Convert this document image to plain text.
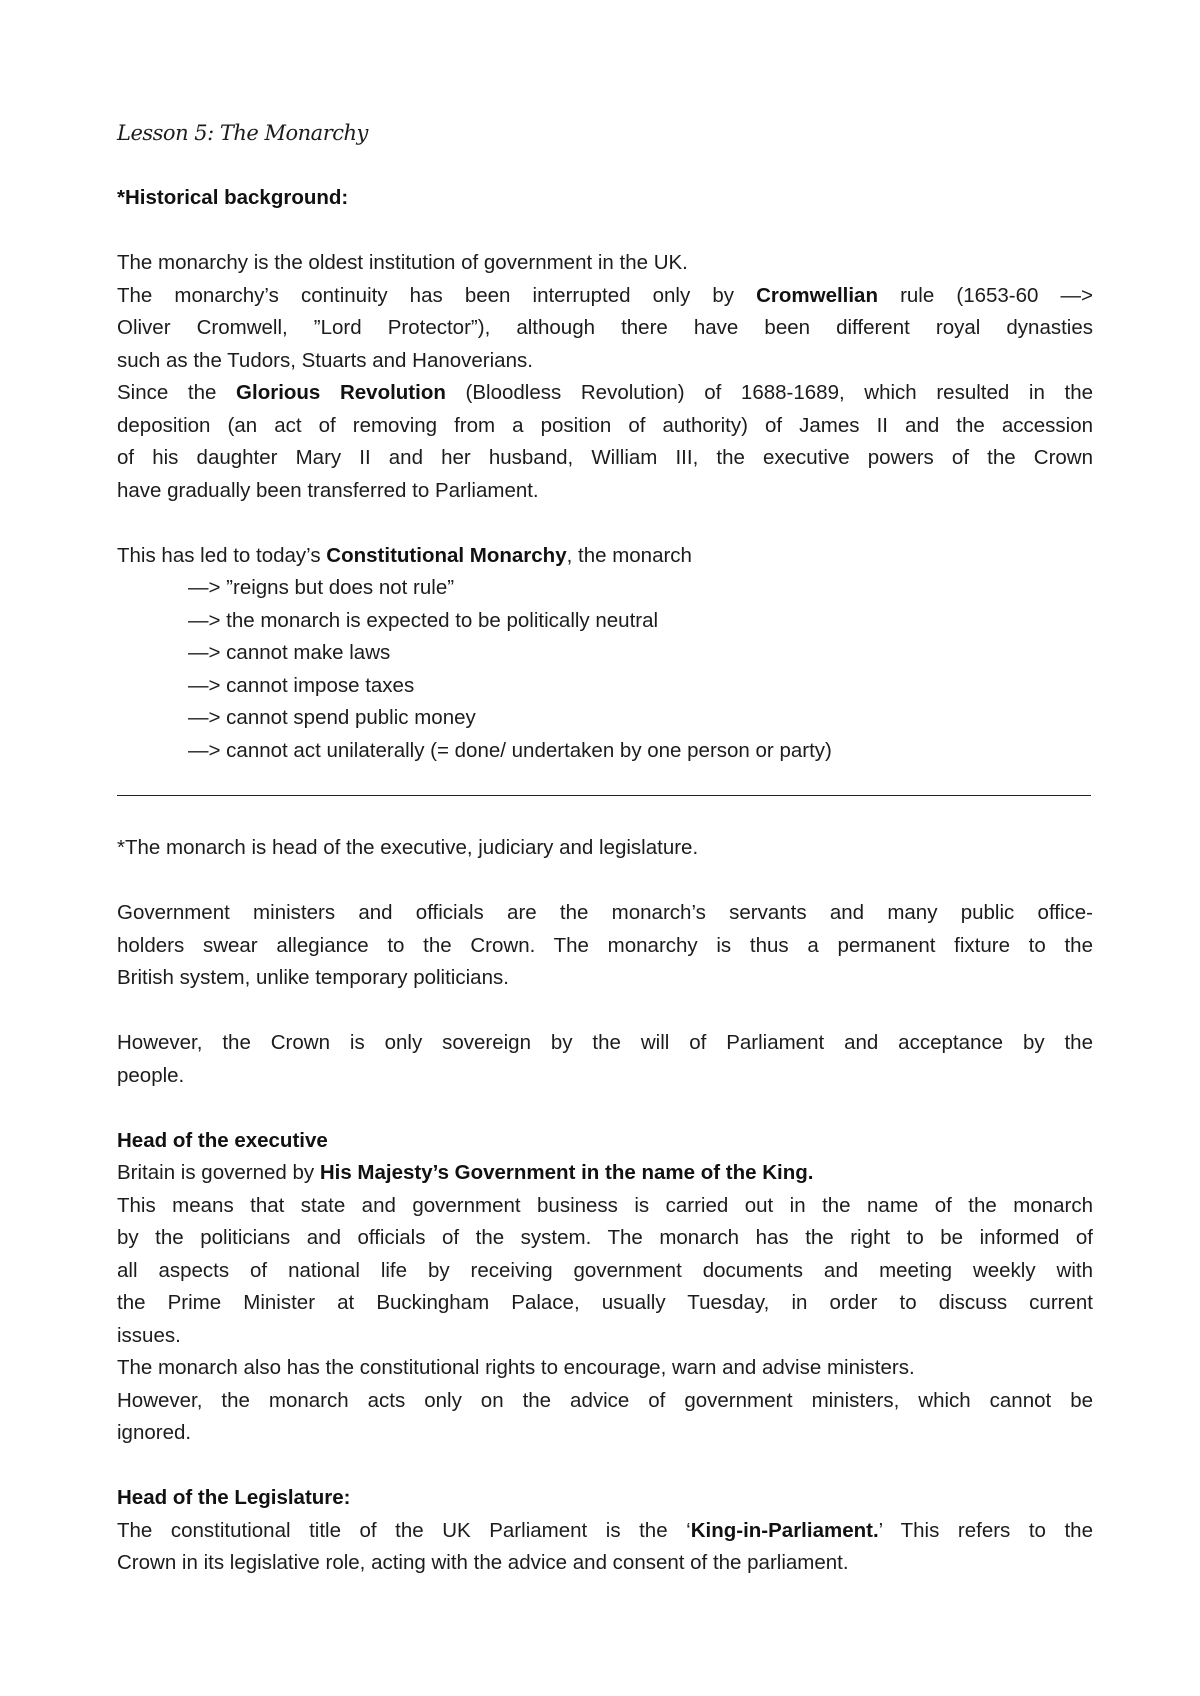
Lesson 5: The Monarchy

*Historical background:

The monarchy is the oldest institution of government in the UK.
The monarchy’s continuity has been interrupted only by Cromwellian rule (1653-60 —>
Oliver Cromwell, ”Lord Protector”), although there have been different royal dynasties
such as the Tudors, Stuarts and Hanoverians.
Since the Glorious Revolution (Bloodless Revolution) of 1688-1689, which resulted in the
deposition (an act of removing from a position of authority) of James II and the accession
of his daughter Mary II and her husband, William III, the executive powers of the Crown
have gradually been transferred to Parliament.

This has led to today’s Constitutional Monarchy, the monarch
—> ”reigns but does not rule”
—> the monarch is expected to be politically neutral
—> cannot make laws
—> cannot impose taxes
—> cannot spend public money
—> cannot act unilaterally (= done/ undertaken by one person or party)

*The monarch is head of the executive, judiciary and legislature.

Government ministers and officials are the monarch’s servants and many public office-
holders swear allegiance to the Crown. The monarchy is thus a permanent fixture to the
British system, unlike temporary politicians.

However, the Crown is only sovereign by the will of Parliament and acceptance by the
people.

Head of the executive
Britain is governed by His Majesty’s Government in the name of the King.
This means that state and government business is carried out in the name of the monarch
by the politicians and officials of the system. The monarch has the right to be informed of
all aspects of national life by receiving government documents and meeting weekly with
the Prime Minister at Buckingham Palace, usually Tuesday, in order to discuss current
issues.
The monarch also has the constitutional rights to encourage, warn and advise ministers.
However, the monarch acts only on the advice of government ministers, which cannot be
ignored.

Head of the Legislature:
The constitutional title of the UK Parliament is the ‘King-in-Parliament.’ This refers to the
Crown in its legislative role, acting with the advice and consent of the parliament.
